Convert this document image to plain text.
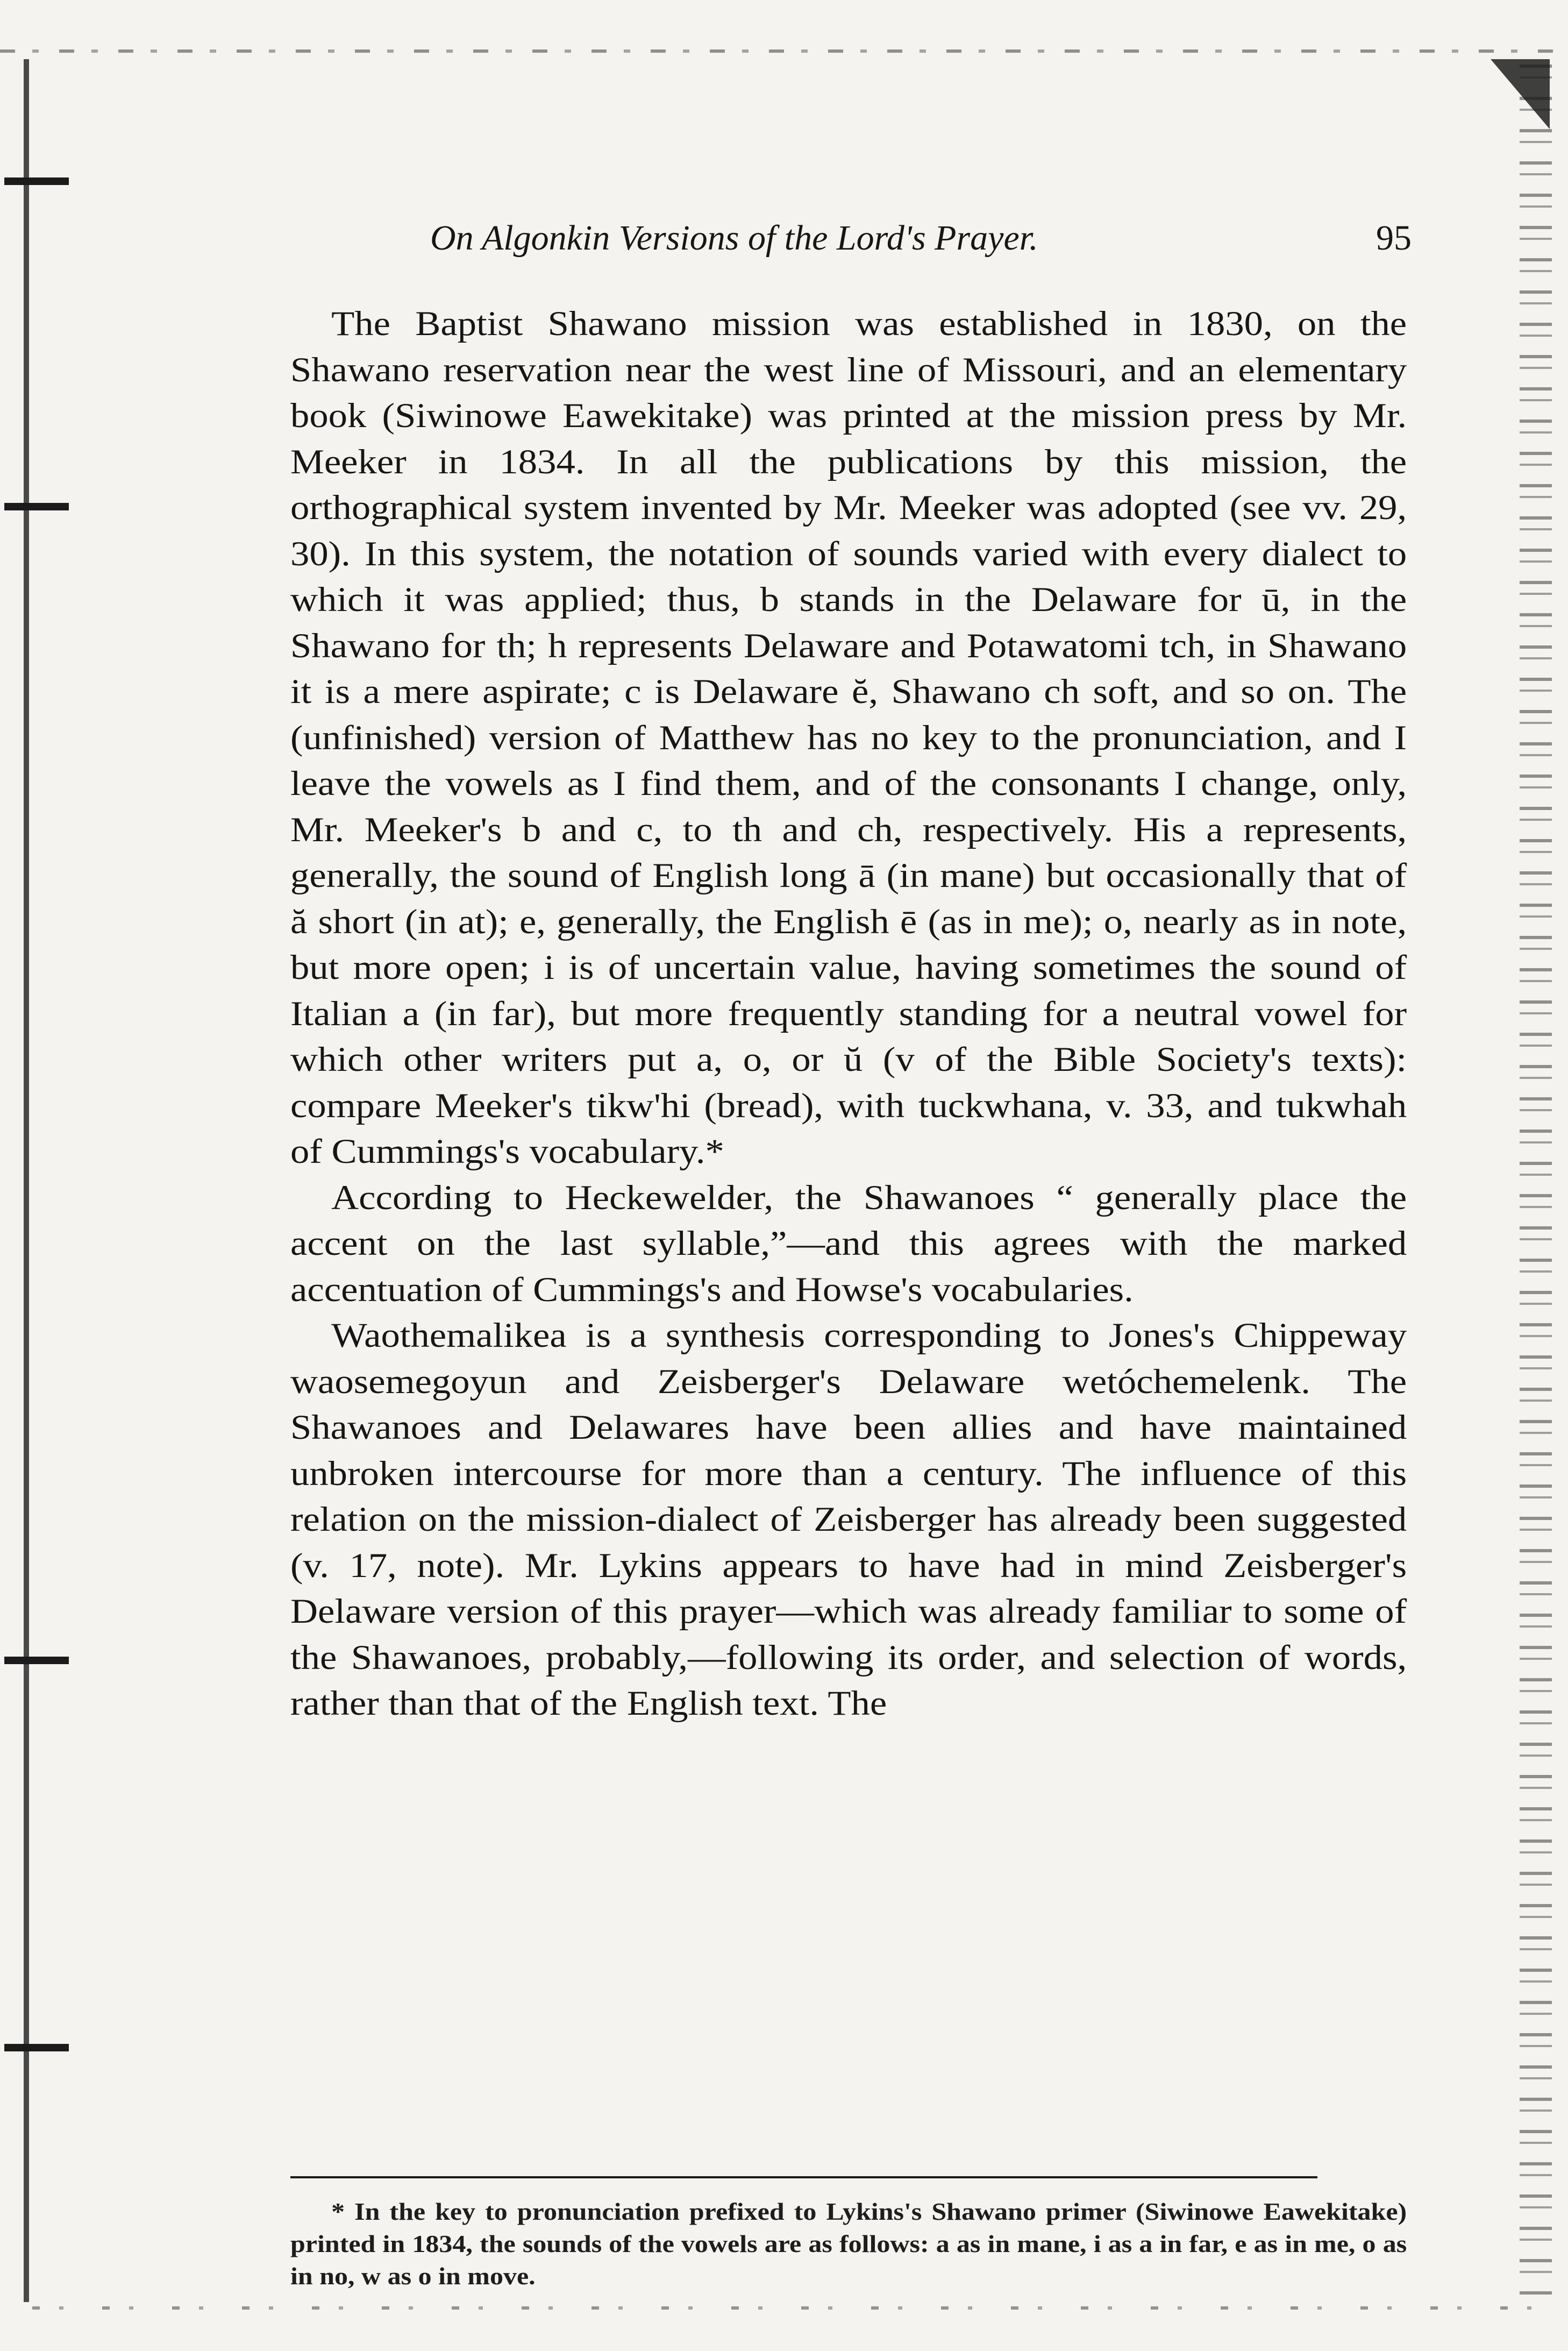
On Algonkin Versions of the Lord's Prayer.	95

The Baptist Shawano mission was established in 1830, on the Shawano reservation near the west line of Missouri, and an elementary book (Siwinowe Eawekitake) was printed at the mission press by Mr. Meeker in 1834. In all the publications by this mission, the orthographical system invented by Mr. Meeker was adopted (see vv. 29, 30). In this system, the notation of sounds varied with every dialect to which it was applied; thus, b stands in the Delaware for ū, in the Shawano for th; h represents Delaware and Potawatomi tch, in Shawano it is a mere aspirate; c is Delaware ĕ, Shawano ch soft, and so on. The (unfinished) version of Matthew has no key to the pronunciation, and I leave the vowels as I find them, and of the consonants I change, only, Mr. Meeker's b and c, to th and ch, respectively. His a represents, generally, the sound of English long ā (in mane) but occasionally that of ă short (in at); e, generally, the English ē (as in me); o, nearly as in note, but more open; i is of uncertain value, having sometimes the sound of Italian a (in far), but more frequently standing for a neutral vowel for which other writers put a, o, or ŭ (v of the Bible Society's texts): compare Meeker's tikw'hi (bread), with tuckwhana, v. 33, and tukwhah of Cummings's vocabulary.*

According to Heckewelder, the Shawanoes “ generally place the accent on the last syllable,”—and this agrees with the marked accentuation of Cummings's and Howse's vocabularies.

Waothemalikea is a synthesis corresponding to Jones's Chippeway waosemegoyun and Zeisberger's Delaware wetóchemelenk. The Shawanoes and Delawares have been allies and have maintained unbroken intercourse for more than a century. The influence of this relation on the mission-dialect of Zeisberger has already been suggested (v. 17, note). Mr. Lykins appears to have had in mind Zeisberger's Delaware version of this prayer—which was already familiar to some of the Shawanoes, probably,—following its order, and selection of words, rather than that of the English text. The

* In the key to pronunciation prefixed to Lykins's Shawano primer (Siwinowe Eawekitake) printed in 1834, the sounds of the vowels are as follows: a as in mane, i as a in far, e as in me, o as in no, w as o in move.
